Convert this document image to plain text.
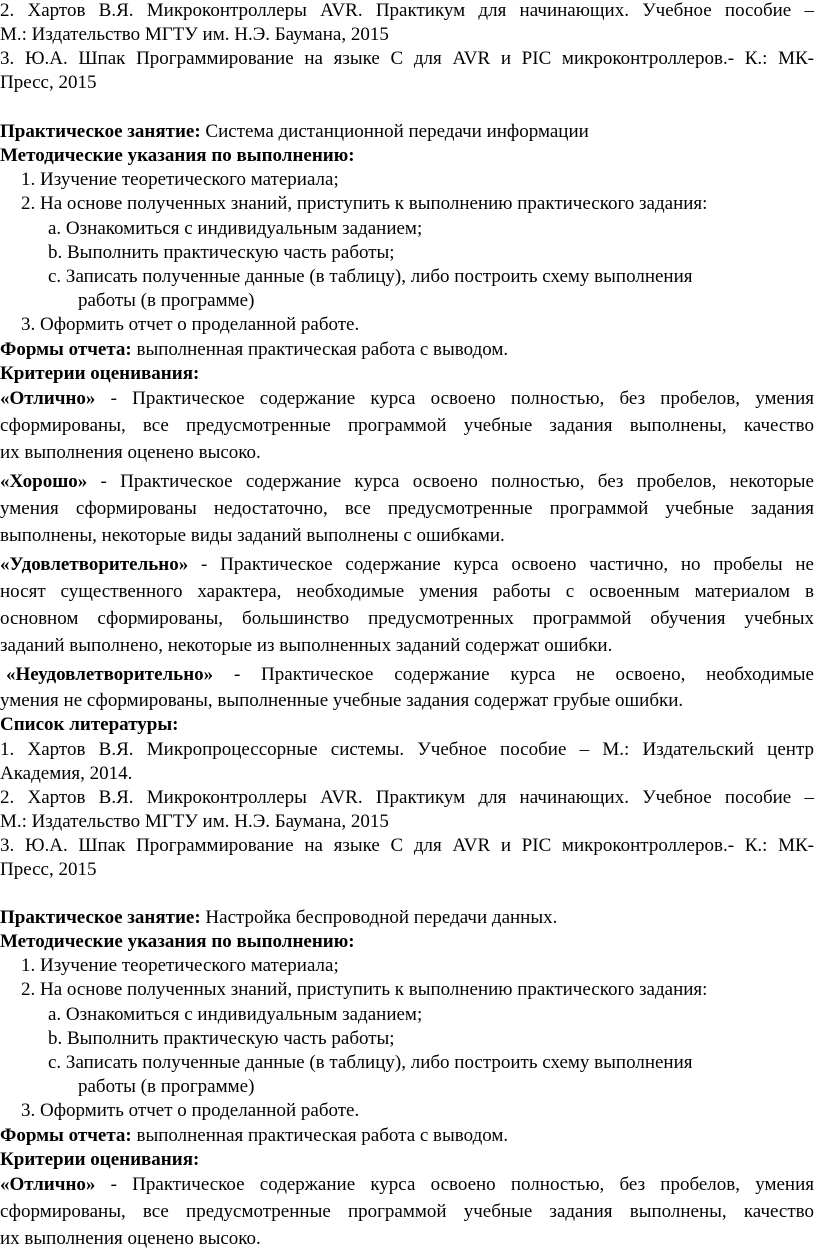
2. Хартов В.Я. Микроконтроллеры AVR. Практикум для начинающих. Учебное пособие –
М.: Издательство МГТУ им. Н.Э. Баумана, 2015
3. Ю.А. Шпак Программирование на языке С для AVR и PIC микроконтроллеров.- К.: МК-
Пресс, 2015
Практическое занятие: Система дистанционной передачи информации
Методические указания по выполнению:
1. Изучение теоретического материала;
2. На основе полученных знаний, приступить к выполнению практического задания:
a. Ознакомиться с индивидуальным заданием;
b. Выполнить практическую часть работы;
c. Записать полученные данные (в таблицу), либо построить схему выполнения
работы (в программе)
3. Оформить отчет о проделанной работе.
Формы отчета: выполненная практическая работа с выводом.
Критерии оценивания:
«Отлично» - Практическое содержание курса освоено полностью, без пробелов, умения
сформированы, все предусмотренные программой учебные задания выполнены, качество
их выполнения оценено высоко.
«Хорошо» - Практическое содержание курса освоено полностью, без пробелов, некоторые
умения сформированы недостаточно, все предусмотренные программой учебные задания
выполнены, некоторые виды заданий выполнены с ошибками.
«Удовлетворительно» - Практическое содержание курса освоено частично, но пробелы не
носят существенного характера, необходимые умения работы с освоенным материалом в
основном сформированы, большинство предусмотренных программой обучения учебных
заданий выполнено, некоторые из выполненных заданий содержат ошибки.
«Неудовлетворительно» - Практическое содержание курса не освоено, необходимые
умения не сформированы, выполненные учебные задания содержат грубые ошибки.
Список литературы:
1. Хартов В.Я. Микропроцессорные системы. Учебное пособие – М.: Издательский центр
Академия, 2014.
2. Хартов В.Я. Микроконтроллеры AVR. Практикум для начинающих. Учебное пособие –
М.: Издательство МГТУ им. Н.Э. Баумана, 2015
3. Ю.А. Шпак Программирование на языке С для AVR и PIC микроконтроллеров.- К.: МК-
Пресс, 2015
Практическое занятие: Настройка беспроводной передачи данных.
Методические указания по выполнению:
1. Изучение теоретического материала;
2. На основе полученных знаний, приступить к выполнению практического задания:
a. Ознакомиться с индивидуальным заданием;
b. Выполнить практическую часть работы;
c. Записать полученные данные (в таблицу), либо построить схему выполнения
работы (в программе)
3. Оформить отчет о проделанной работе.
Формы отчета: выполненная практическая работа с выводом.
Критерии оценивания:
«Отлично» - Практическое содержание курса освоено полностью, без пробелов, умения
сформированы, все предусмотренные программой учебные задания выполнены, качество
их выполнения оценено высоко.
